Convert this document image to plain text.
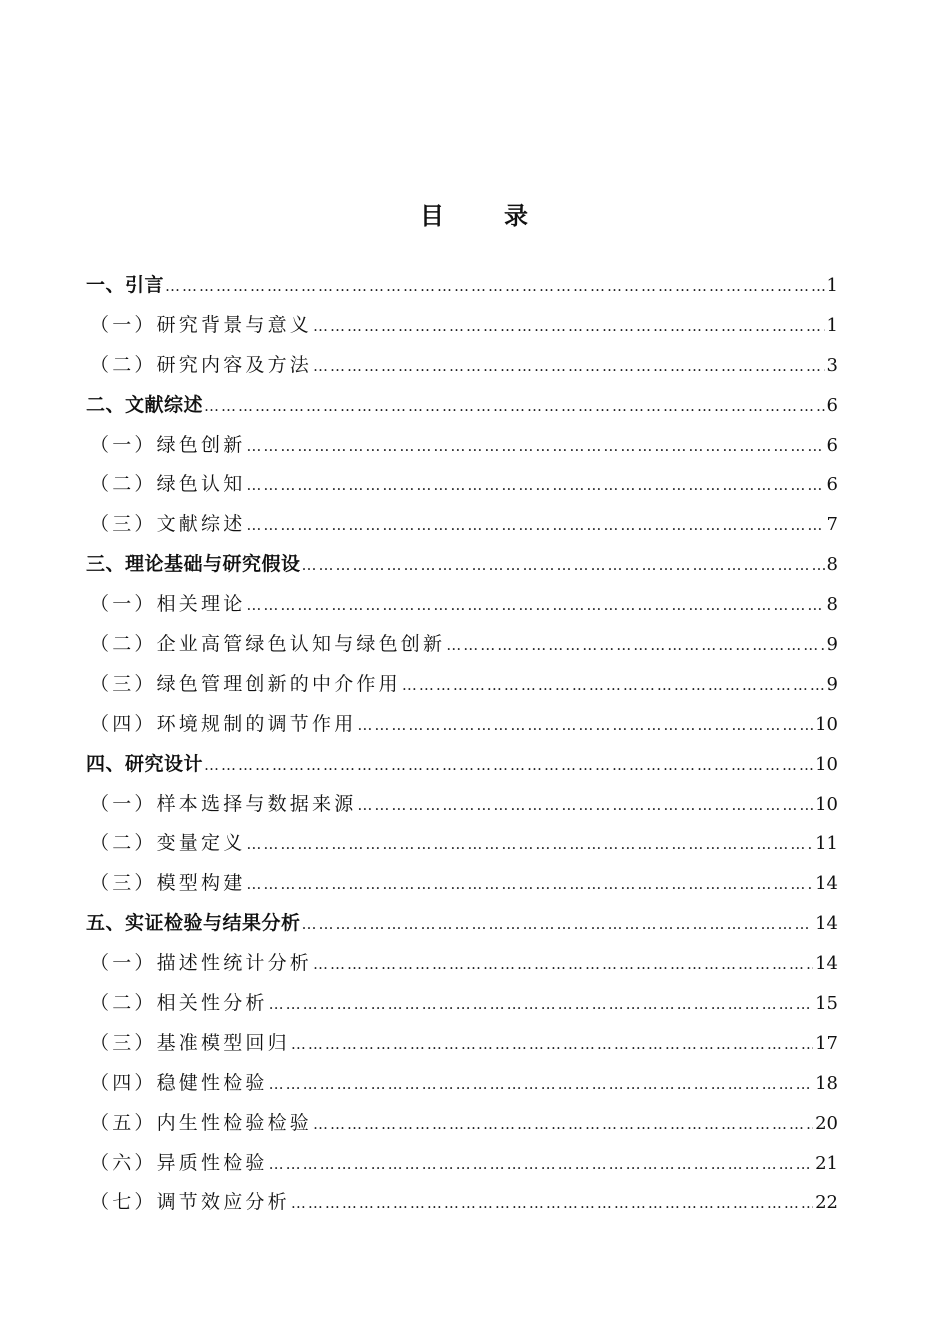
目 录
一、引言 …………………………………………………………………………………………………………………………………………………………………………	1
（一）研究背景与意义 …………………………………………………………………………………………………………………………………………………………………………	1
（二）研究内容及方法 …………………………………………………………………………………………………………………………………………………………………………	3
二、文献综述 …………………………………………………………………………………………………………………………………………………………………………	6
（一）绿色创新 …………………………………………………………………………………………………………………………………………………………………………	6
（二）绿色认知 …………………………………………………………………………………………………………………………………………………………………………	6
（三）文献综述 …………………………………………………………………………………………………………………………………………………………………………	7
三、理论基础与研究假设 …………………………………………………………………………………………………………………………………………………………………………	8
（一）相关理论 …………………………………………………………………………………………………………………………………………………………………………	8
（二）企业高管绿色认知与绿色创新 …………………………………………………………………………………………………………………………………………………………………………	9
（三）绿色管理创新的中介作用 …………………………………………………………………………………………………………………………………………………………………………	9
（四）环境规制的调节作用 …………………………………………………………………………………………………………………………………………………………………………	10
四、研究设计 …………………………………………………………………………………………………………………………………………………………………………	10
（一）样本选择与数据来源 …………………………………………………………………………………………………………………………………………………………………………	10
（二）变量定义 …………………………………………………………………………………………………………………………………………………………………………	11
（三）模型构建 …………………………………………………………………………………………………………………………………………………………………………	14
五、实证检验与结果分析 …………………………………………………………………………………………………………………………………………………………………………	14
（一）描述性统计分析 …………………………………………………………………………………………………………………………………………………………………………	14
（二）相关性分析 …………………………………………………………………………………………………………………………………………………………………………	15
（三）基准模型回归 …………………………………………………………………………………………………………………………………………………………………………	17
（四）稳健性检验 …………………………………………………………………………………………………………………………………………………………………………	18
（五）内生性检验检验 …………………………………………………………………………………………………………………………………………………………………………	20
（六）异质性检验 …………………………………………………………………………………………………………………………………………………………………………	21
（七）调节效应分析 …………………………………………………………………………………………………………………………………………………………………………	22
